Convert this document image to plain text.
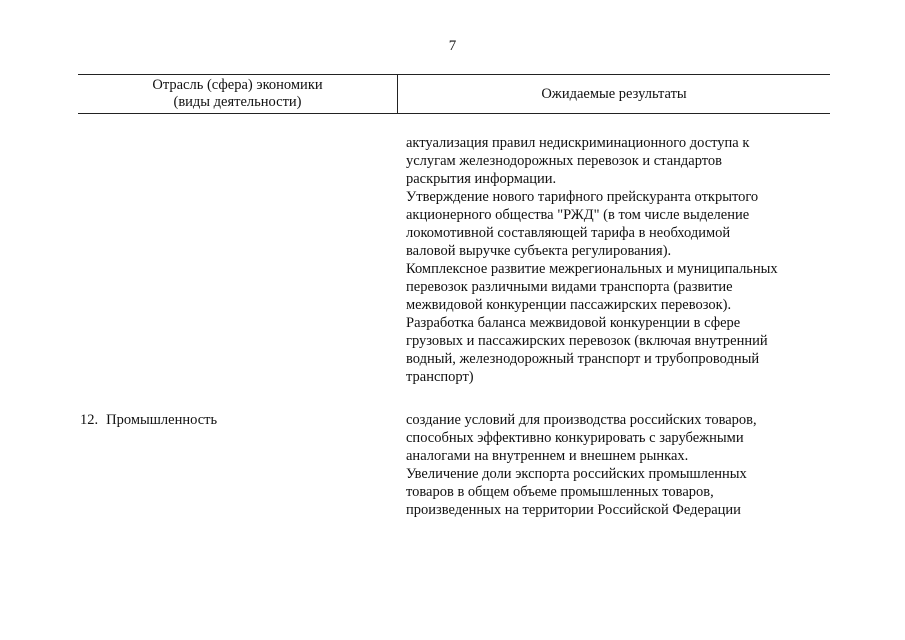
7
Отрасль (сфера) экономики
(виды деятельности)	Ожидаемые результаты

актуализация правил недискриминационного доступа к

услугам железнодорожных перевозок и стандартов

раскрытия информации.

Утверждение нового тарифного прейскуранта открытого

акционерного общества "РЖД" (в том числе выделение

локомотивной составляющей тарифа в необходимой

валовой выручке субъекта регулирования).

Комплексное развитие межрегиональных и муниципальных

перевозок различными видами транспорта (развитие

межвидовой конкуренции пассажирских перевозок).

Разработка баланса межвидовой конкуренции в сфере

грузовых и пассажирских перевозок (включая внутренний

водный, железнодорожный транспорт и трубопроводный

транспорт)

12. Промышленность	создание условий для производства российских товаров,

способных эффективно конкурировать с зарубежными

аналогами на внутреннем и внешнем рынках.

Увеличение доли экспорта российских промышленных

товаров в общем объеме промышленных товаров,

произведенных на территории Российской Федерации
